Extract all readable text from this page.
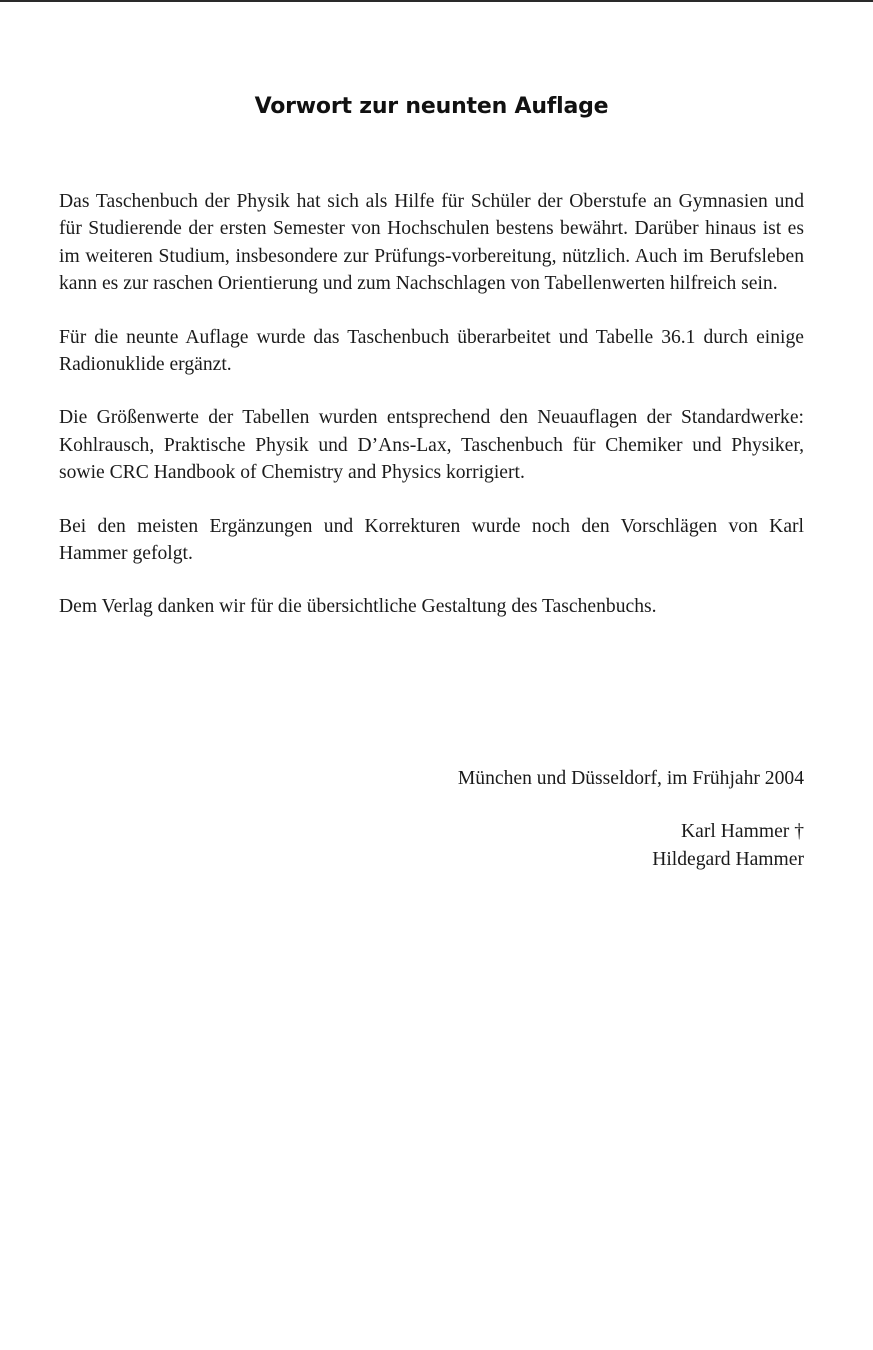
Vorwort zur neunten Auflage

Das Taschenbuch der Physik hat sich als Hilfe für Schüler der Oberstufe an Gymnasien und für Studierende der ersten Semester von Hochschulen bestens bewährt. Darüber hinaus ist es im weiteren Studium, insbesondere zur Prüfungs-vorbereitung, nützlich. Auch im Berufsleben kann es zur raschen Orientierung und zum Nachschlagen von Tabellenwerten hilfreich sein.

Für die neunte Auflage wurde das Taschenbuch überarbeitet und Tabelle 36.1 durch einige Radionuklide ergänzt.

Die Größenwerte der Tabellen wurden entsprechend den Neuauflagen der Standardwerke: Kohlrausch, Praktische Physik und D’Ans-Lax, Taschenbuch für Chemiker und Physiker, sowie CRC Handbook of Chemistry and Physics korrigiert.

Bei den meisten Ergänzungen und Korrekturen wurde noch den Vorschlägen von Karl Hammer gefolgt.

Dem Verlag danken wir für die übersichtliche Gestaltung des Taschenbuchs.

München und Düsseldorf, im Frühjahr 2004

Karl Hammer †
Hildegard Hammer
